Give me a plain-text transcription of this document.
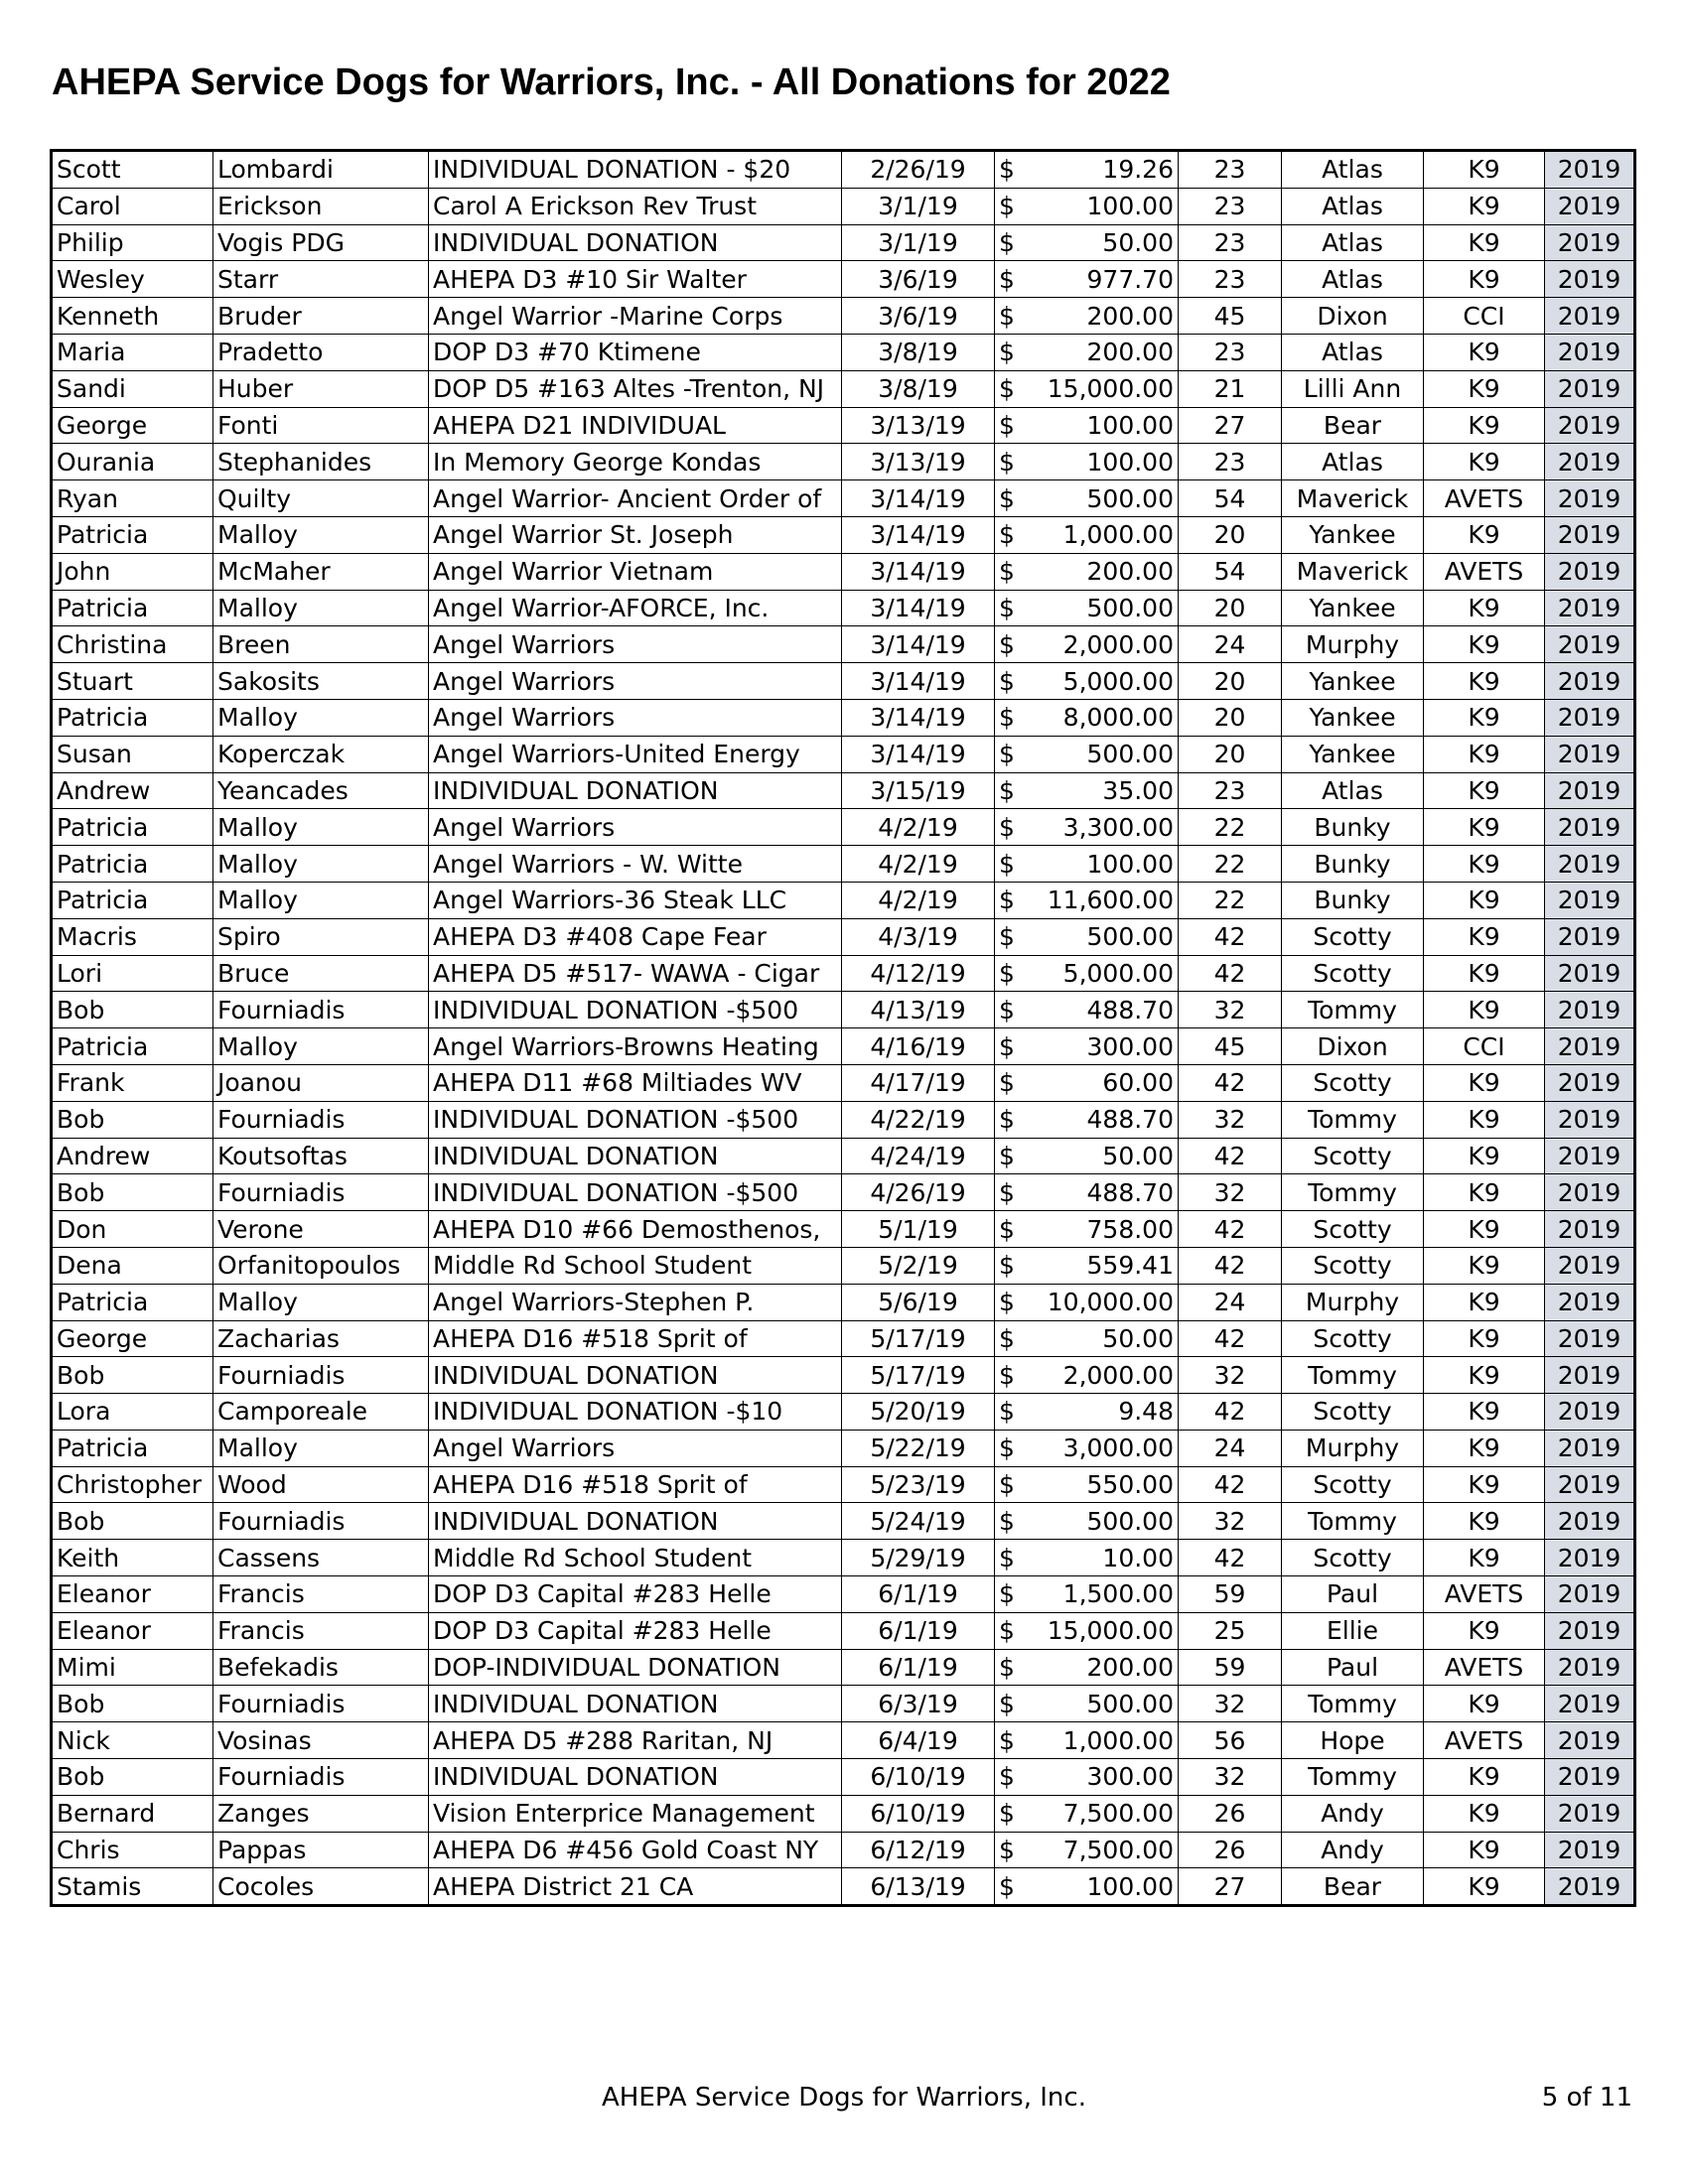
AHEPA Service Dogs for Warriors, Inc. - All Donations for 2022
Scott	Lombardi	INDIVIDUAL DONATION - $20	2/26/19	$ 19.26	23	Atlas	K9	2019
Carol	Erickson	Carol A Erickson Rev Trust	3/1/19	$ 100.00	23	Atlas	K9	2019
Philip	Vogis PDG	INDIVIDUAL DONATION	3/1/19	$ 50.00	23	Atlas	K9	2019
Wesley	Starr	AHEPA D3 #10 Sir Walter	3/6/19	$ 977.70	23	Atlas	K9	2019
Kenneth	Bruder	Angel Warrior -Marine Corps	3/6/19	$ 200.00	45	Dixon	CCI	2019
Maria	Pradetto	DOP D3 #70 Ktimene	3/8/19	$ 200.00	23	Atlas	K9	2019
Sandi	Huber	DOP D5 #163 Altes -Trenton, NJ	3/8/19	$ 15,000.00	21	Lilli Ann	K9	2019
George	Fonti	AHEPA D21 INDIVIDUAL	3/13/19	$ 100.00	27	Bear	K9	2019
Ourania	Stephanides	In Memory George Kondas	3/13/19	$ 100.00	23	Atlas	K9	2019
Ryan	Quilty	Angel Warrior- Ancient Order of	3/14/19	$ 500.00	54	Maverick	AVETS	2019
Patricia	Malloy	Angel Warrior St. Joseph	3/14/19	$ 1,000.00	20	Yankee	K9	2019
John	McMaher	Angel Warrior Vietnam	3/14/19	$ 200.00	54	Maverick	AVETS	2019
Patricia	Malloy	Angel Warrior-AFORCE, Inc.	3/14/19	$ 500.00	20	Yankee	K9	2019
Christina	Breen	Angel Warriors	3/14/19	$ 2,000.00	24	Murphy	K9	2019
Stuart	Sakosits	Angel Warriors	3/14/19	$ 5,000.00	20	Yankee	K9	2019
Patricia	Malloy	Angel Warriors	3/14/19	$ 8,000.00	20	Yankee	K9	2019
Susan	Koperczak	Angel Warriors-United Energy	3/14/19	$ 500.00	20	Yankee	K9	2019
Andrew	Yeancades	INDIVIDUAL DONATION	3/15/19	$ 35.00	23	Atlas	K9	2019
Patricia	Malloy	Angel Warriors	4/2/19	$ 3,300.00	22	Bunky	K9	2019
Patricia	Malloy	Angel Warriors - W. Witte	4/2/19	$ 100.00	22	Bunky	K9	2019
Patricia	Malloy	Angel Warriors-36 Steak LLC	4/2/19	$ 11,600.00	22	Bunky	K9	2019
Macris	Spiro	AHEPA D3 #408 Cape Fear	4/3/19	$ 500.00	42	Scotty	K9	2019
Lori	Bruce	AHEPA D5 #517- WAWA - Cigar	4/12/19	$ 5,000.00	42	Scotty	K9	2019
Bob	Fourniadis	INDIVIDUAL DONATION -$500	4/13/19	$ 488.70	32	Tommy	K9	2019
Patricia	Malloy	Angel Warriors-Browns Heating	4/16/19	$ 300.00	45	Dixon	CCI	2019
Frank	Joanou	AHEPA D11 #68 Miltiades WV	4/17/19	$ 60.00	42	Scotty	K9	2019
Bob	Fourniadis	INDIVIDUAL DONATION -$500	4/22/19	$ 488.70	32	Tommy	K9	2019
Andrew	Koutsoftas	INDIVIDUAL DONATION	4/24/19	$ 50.00	42	Scotty	K9	2019
Bob	Fourniadis	INDIVIDUAL DONATION -$500	4/26/19	$ 488.70	32	Tommy	K9	2019
Don	Verone	AHEPA D10 #66 Demosthenos,	5/1/19	$ 758.00	42	Scotty	K9	2019
Dena	Orfanitopoulos	Middle Rd School Student	5/2/19	$ 559.41	42	Scotty	K9	2019
Patricia	Malloy	Angel Warriors-Stephen P.	5/6/19	$ 10,000.00	24	Murphy	K9	2019
George	Zacharias	AHEPA D16 #518 Sprit of	5/17/19	$ 50.00	42	Scotty	K9	2019
Bob	Fourniadis	INDIVIDUAL DONATION	5/17/19	$ 2,000.00	32	Tommy	K9	2019
Lora	Camporeale	INDIVIDUAL DONATION -$10	5/20/19	$ 9.48	42	Scotty	K9	2019
Patricia	Malloy	Angel Warriors	5/22/19	$ 3,000.00	24	Murphy	K9	2019
Christopher	Wood	AHEPA D16 #518 Sprit of	5/23/19	$ 550.00	42	Scotty	K9	2019
Bob	Fourniadis	INDIVIDUAL DONATION	5/24/19	$ 500.00	32	Tommy	K9	2019
Keith	Cassens	Middle Rd School Student	5/29/19	$ 10.00	42	Scotty	K9	2019
Eleanor	Francis	DOP D3 Capital #283 Helle	6/1/19	$ 1,500.00	59	Paul	AVETS	2019
Eleanor	Francis	DOP D3 Capital #283 Helle	6/1/19	$ 15,000.00	25	Ellie	K9	2019
Mimi	Befekadis	DOP-INDIVIDUAL DONATION	6/1/19	$ 200.00	59	Paul	AVETS	2019
Bob	Fourniadis	INDIVIDUAL DONATION	6/3/19	$ 500.00	32	Tommy	K9	2019
Nick	Vosinas	AHEPA D5 #288 Raritan, NJ	6/4/19	$ 1,000.00	56	Hope	AVETS	2019
Bob	Fourniadis	INDIVIDUAL DONATION	6/10/19	$ 300.00	32	Tommy	K9	2019
Bernard	Zanges	Vision Enterprice Management	6/10/19	$ 7,500.00	26	Andy	K9	2019
Chris	Pappas	AHEPA D6 #456 Gold Coast NY	6/12/19	$ 7,500.00	26	Andy	K9	2019
Stamis	Cocoles	AHEPA District 21 CA	6/13/19	$ 100.00	27	Bear	K9	2019
AHEPA Service Dogs for Warriors, Inc.	5 of 11
